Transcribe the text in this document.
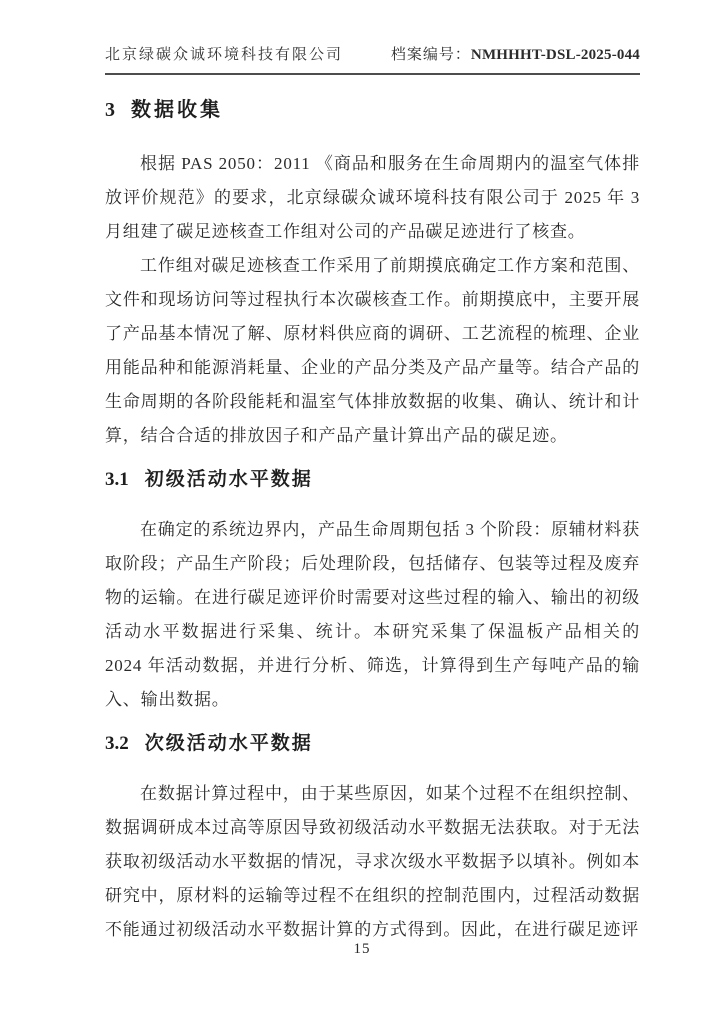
北京绿碳众诚环境科技有限公司	档案编号：NMHHHT-DSL-2025-044
3 数据收集

根据 PAS 2050：2011 《商品和服务在生命周期内的温室气体排放评价规范》的要求，北京绿碳众诚环境科技有限公司于 2025 年 3 月组建了碳足迹核查工作组对公司的产品碳足迹进行了核查。

工作组对碳足迹核查工作采用了前期摸底确定工作方案和范围、文件和现场访问等过程执行本次碳核查工作。前期摸底中，主要开展了产品基本情况了解、原材料供应商的调研、工艺流程的梳理、企业用能品种和能源消耗量、企业的产品分类及产品产量等。结合产品的生命周期的各阶段能耗和温室气体排放数据的收集、确认、统计和计算，结合合适的排放因子和产品产量计算出产品的碳足迹。

3.1 初级活动水平数据

在确定的系统边界内，产品生命周期包括 3 个阶段：原辅材料获取阶段；产品生产阶段；后处理阶段，包括储存、包装等过程及废弃物的运输。在进行碳足迹评价时需要对这些过程的输入、输出的初级活动水平数据进行采集、统计。本研究采集了保温板产品相关的 2024 年活动数据，并进行分析、筛选，计算得到生产每吨产品的输入、输出数据。

3.2 次级活动水平数据

在数据计算过程中，由于某些原因，如某个过程不在组织控制、数据调研成本过高等原因导致初级活动水平数据无法获取。对于无法获取初级活动水平数据的情况，寻求次级水平数据予以填补。例如本研究中，原材料的运输等过程不在组织的控制范围内，过程活动数据不能通过初级活动水平数据计算的方式得到。因此，在进行碳足迹评

15
